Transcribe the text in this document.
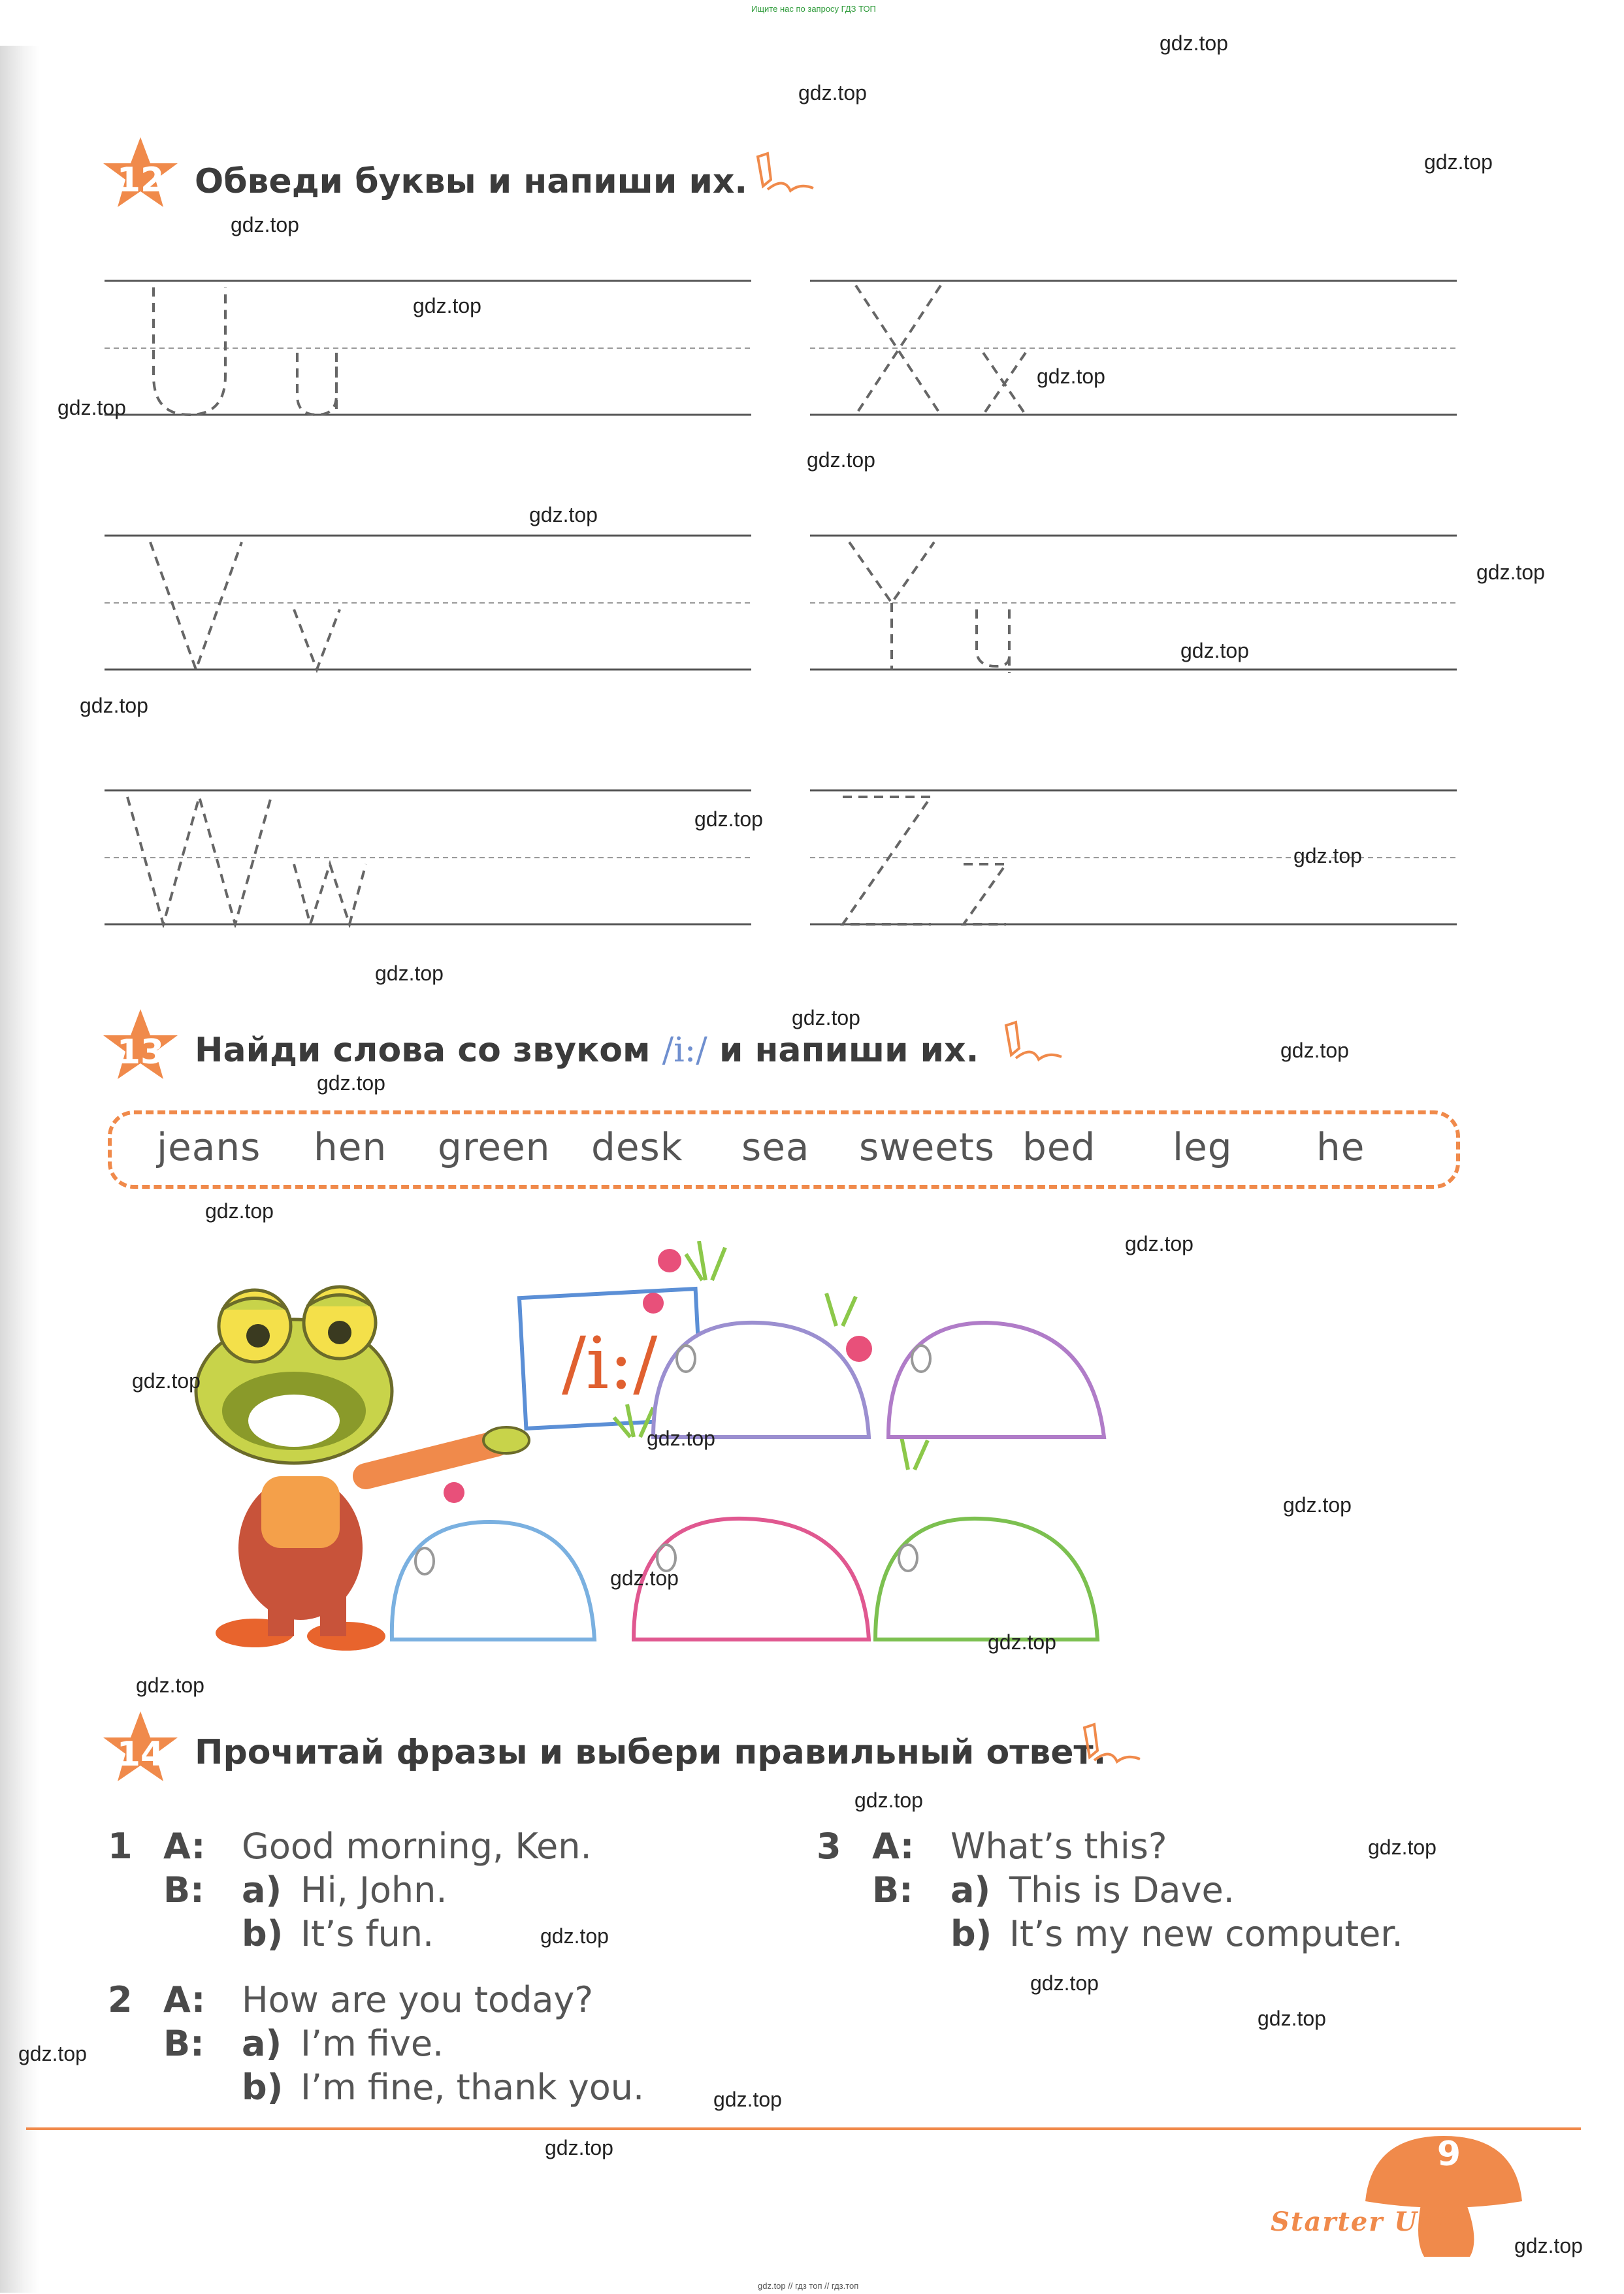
Ищите нас по запросу ГДЗ ТОП
12 Обведи буквы и напиши их.
13 Найди слова со звуком /i:/ и напиши их.
jeans hen green desk sea sweets bed leg he
/i:/
14 Прочитай фразы и выбери правильный ответ.
1 A: Good morning, Ken.
B: a) Hi, John.
b) It’s fun.
2 A: How are you today?
B: a) I’m five.
b) I’m fine, thank you.
3 A: What’s this?
B: a) This is Dave.
b) It’s my new computer.
9
Starter Unit
gdz.top // гдз топ // гдз.топ
gdz.top
gdz.top
gdz.top
gdz.top
gdz.top
gdz.top
gdz.top
gdz.top
gdz.top
gdz.top
gdz.top
gdz.top
gdz.top
gdz.top
gdz.top
gdz.top
gdz.top
gdz.top
gdz.top
gdz.top
gdz.top
gdz.top
gdz.top
gdz.top
gdz.top
gdz.top
gdz.top
gdz.top
gdz.top
gdz.top
gdz.top
gdz.top
gdz.top
gdz.top
gdz.top
